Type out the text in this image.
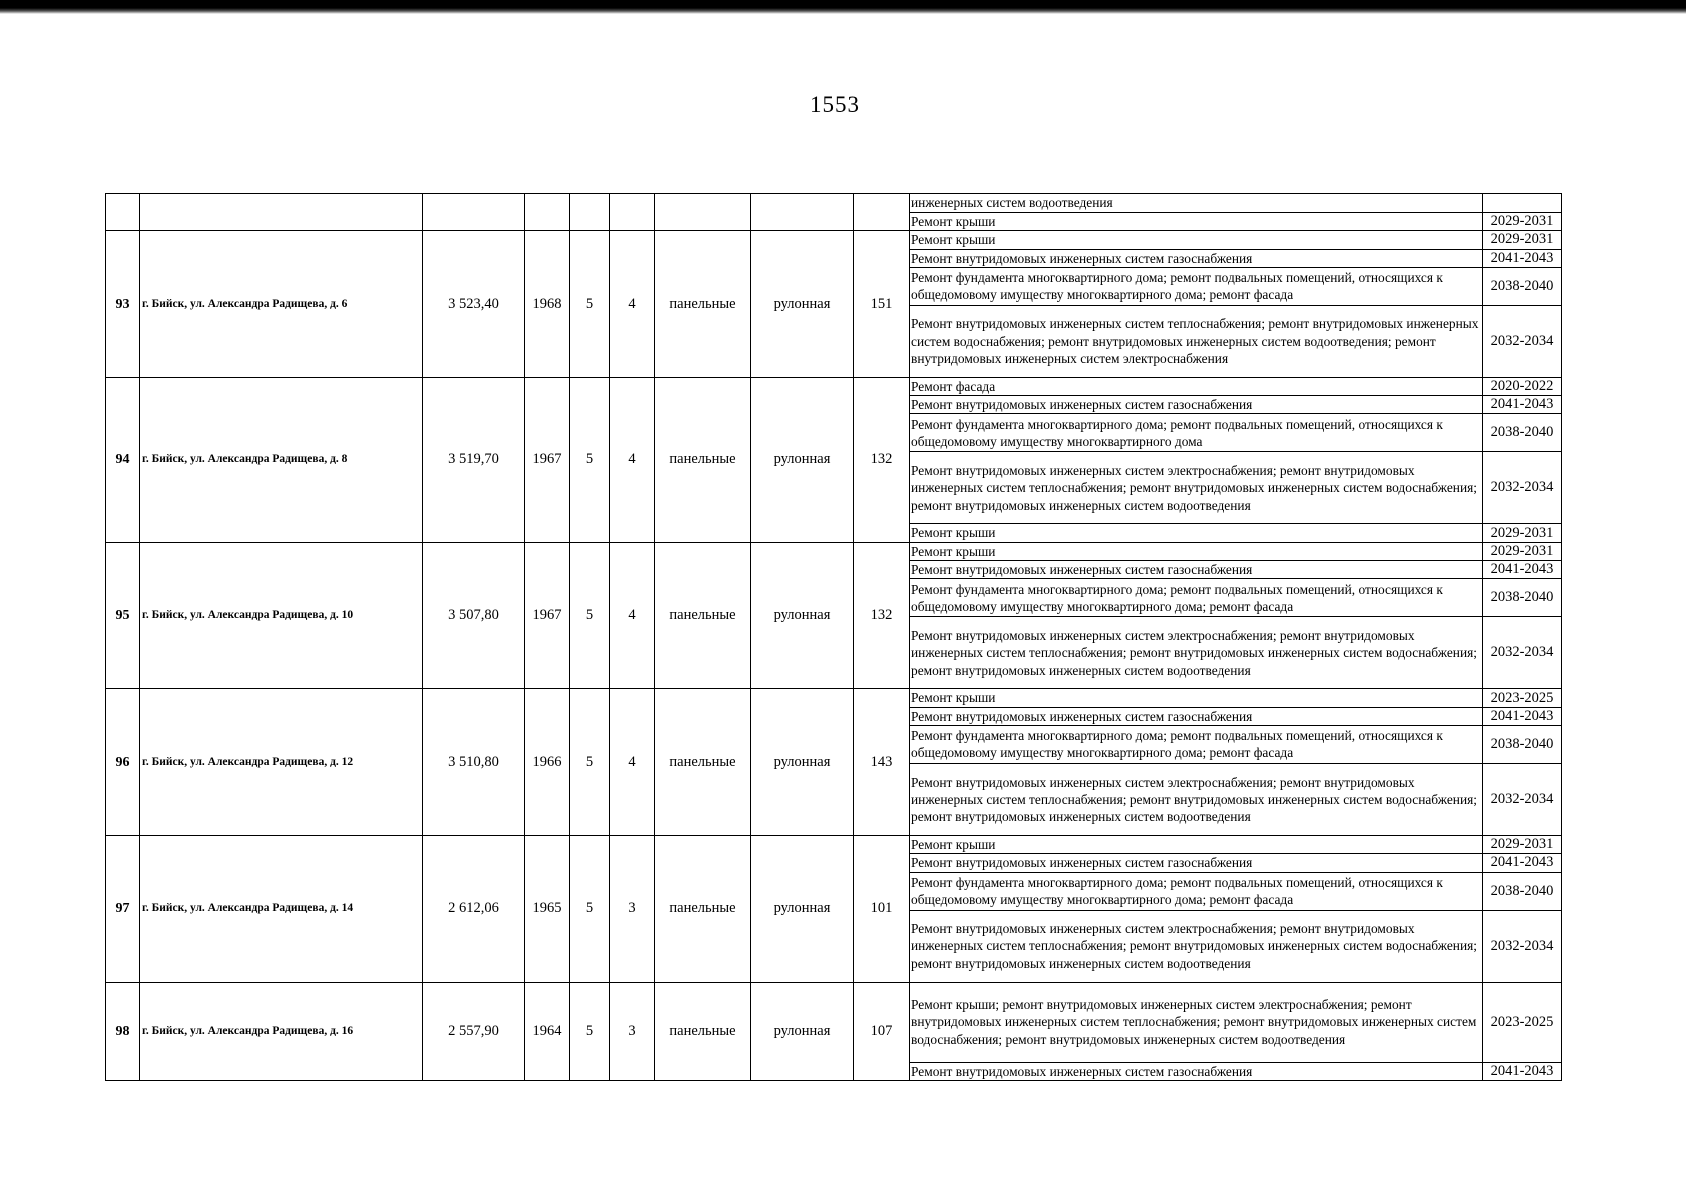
1553
									инженерных систем водоотведения	
									Ремонт крыши	2029-2031
93	г. Бийск, ул. Александра Радищева, д. 6	3 523,40	1968	5	4	панельные	рулонная	151	Ремонт крыши	2029-2031
									Ремонт внутридомовых инженерных систем газоснабжения	2041-2043
									Ремонт фундамента многоквартирного дома; ремонт подвальных помещений, относящихся к общедомовому имуществу многоквартирного дома; ремонт фасада	2038-2040
									Ремонт внутридомовых инженерных систем теплоснабжения; ремонт внутридомовых инженерных систем водоснабжения; ремонт внутридомовых инженерных систем водоотведения; ремонт внутридомовых инженерных систем электроснабжения	2032-2034
94	г. Бийск, ул. Александра Радищева, д. 8	3 519,70	1967	5	4	панельные	рулонная	132	Ремонт фасада	2020-2022
									Ремонт внутридомовых инженерных систем газоснабжения	2041-2043
									Ремонт фундамента многоквартирного дома; ремонт подвальных помещений, относящихся к общедомовому имуществу многоквартирного дома	2038-2040
									Ремонт внутридомовых инженерных систем электроснабжения; ремонт внутридомовых инженерных систем теплоснабжения; ремонт внутридомовых инженерных систем водоснабжения; ремонт внутридомовых инженерных систем водоотведения	2032-2034
									Ремонт крыши	2029-2031
95	г. Бийск, ул. Александра Радищева, д. 10	3 507,80	1967	5	4	панельные	рулонная	132	Ремонт крыши	2029-2031
									Ремонт внутридомовых инженерных систем газоснабжения	2041-2043
									Ремонт фундамента многоквартирного дома; ремонт подвальных помещений, относящихся к общедомовому имуществу многоквартирного дома; ремонт фасада	2038-2040
									Ремонт внутридомовых инженерных систем электроснабжения; ремонт внутридомовых инженерных систем теплоснабжения; ремонт внутридомовых инженерных систем водоснабжения; ремонт внутридомовых инженерных систем водоотведения	2032-2034
96	г. Бийск, ул. Александра Радищева, д. 12	3 510,80	1966	5	4	панельные	рулонная	143	Ремонт крыши	2023-2025
									Ремонт внутридомовых инженерных систем газоснабжения	2041-2043
									Ремонт фундамента многоквартирного дома; ремонт подвальных помещений, относящихся к общедомовому имуществу многоквартирного дома; ремонт фасада	2038-2040
									Ремонт внутридомовых инженерных систем электроснабжения; ремонт внутридомовых инженерных систем теплоснабжения; ремонт внутридомовых инженерных систем водоснабжения; ремонт внутридомовых инженерных систем водоотведения	2032-2034
97	г. Бийск, ул. Александра Радищева, д. 14	2 612,06	1965	5	3	панельные	рулонная	101	Ремонт крыши	2029-2031
									Ремонт внутридомовых инженерных систем газоснабжения	2041-2043
									Ремонт фундамента многоквартирного дома; ремонт подвальных помещений, относящихся к общедомовому имуществу многоквартирного дома; ремонт фасада	2038-2040
									Ремонт внутридомовых инженерных систем электроснабжения; ремонт внутридомовых инженерных систем теплоснабжения; ремонт внутридомовых инженерных систем водоснабжения; ремонт внутридомовых инженерных систем водоотведения	2032-2034
98	г. Бийск, ул. Александра Радищева, д. 16	2 557,90	1964	5	3	панельные	рулонная	107	Ремонт крыши; ремонт внутридомовых инженерных систем электроснабжения; ремонт внутридомовых инженерных систем теплоснабжения; ремонт внутридомовых инженерных систем водоснабжения; ремонт внутридомовых инженерных систем водоотведения	2023-2025
									Ремонт внутридомовых инженерных систем газоснабжения	2041-2043
